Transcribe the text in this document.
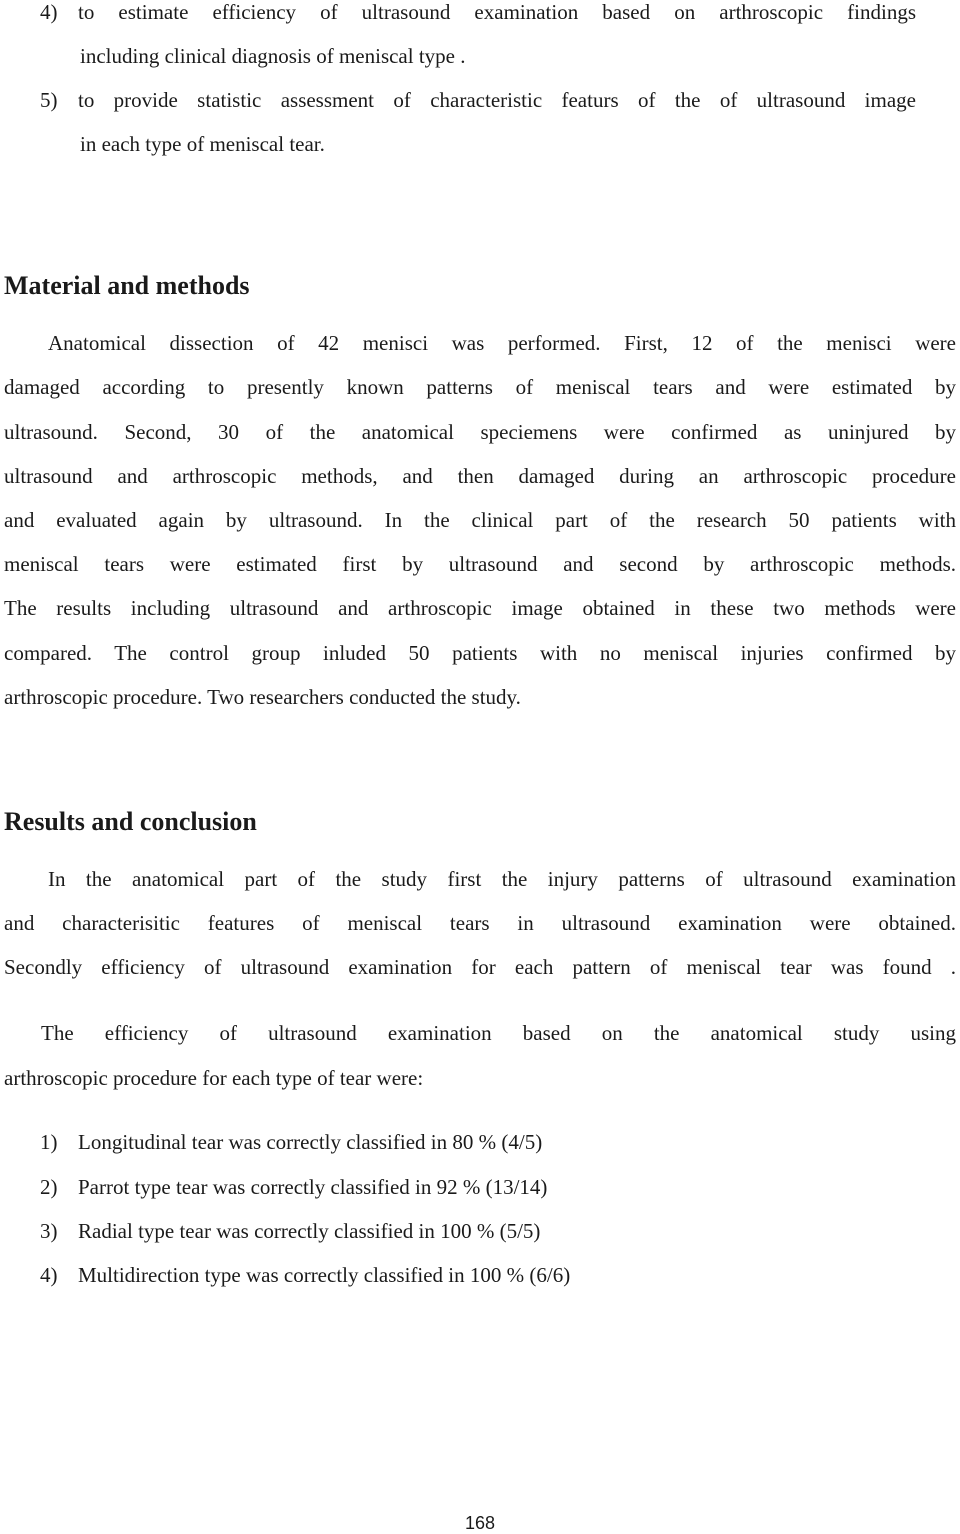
4) to estimate efficiency of ultrasound examination based on arthroscopic findings
including clinical diagnosis of meniscal type .
5) to provide statistic assessment of characteristic featurs of the of ultrasound image
in each type of meniscal tear.
Material and methods
Anatomical dissection of 42 menisci was performed. First, 12 of the menisci were
damaged according to presently known patterns of meniscal tears and were estimated by
ultrasound. Second, 30 of the anatomical speciemens were confirmed as uninjured by
ultrasound and arthroscopic methods, and then damaged during an arthroscopic procedure
and evaluated again by ultrasound. In the clinical part of the research 50 patients with
meniscal tears were estimated first by ultrasound and second by arthroscopic methods.
The results including ultrasound and arthroscopic image obtained in these two methods were
compared. The control group inluded 50 patients with no meniscal injuries confirmed by
arthroscopic procedure. Two researchers conducted the study.
Results and conclusion
In the anatomical part of the study first the injury patterns of ultrasound examination
and characterisitic features of meniscal tears in ultrasound examination were obtained.
Secondly efficiency of ultrasound examination for each pattern of meniscal tear was found .
The efficiency of ultrasound examination based on the anatomical study using
arthroscopic procedure for each type of tear were:
1) Longitudinal tear was correctly classified in 80 % (4/5)
2) Parrot type tear was correctly classified in 92 % (13/14)
3) Radial type tear was correctly classified in 100 % (5/5)
4) Multidirection type was correctly classified in 100 % (6/6)
168
